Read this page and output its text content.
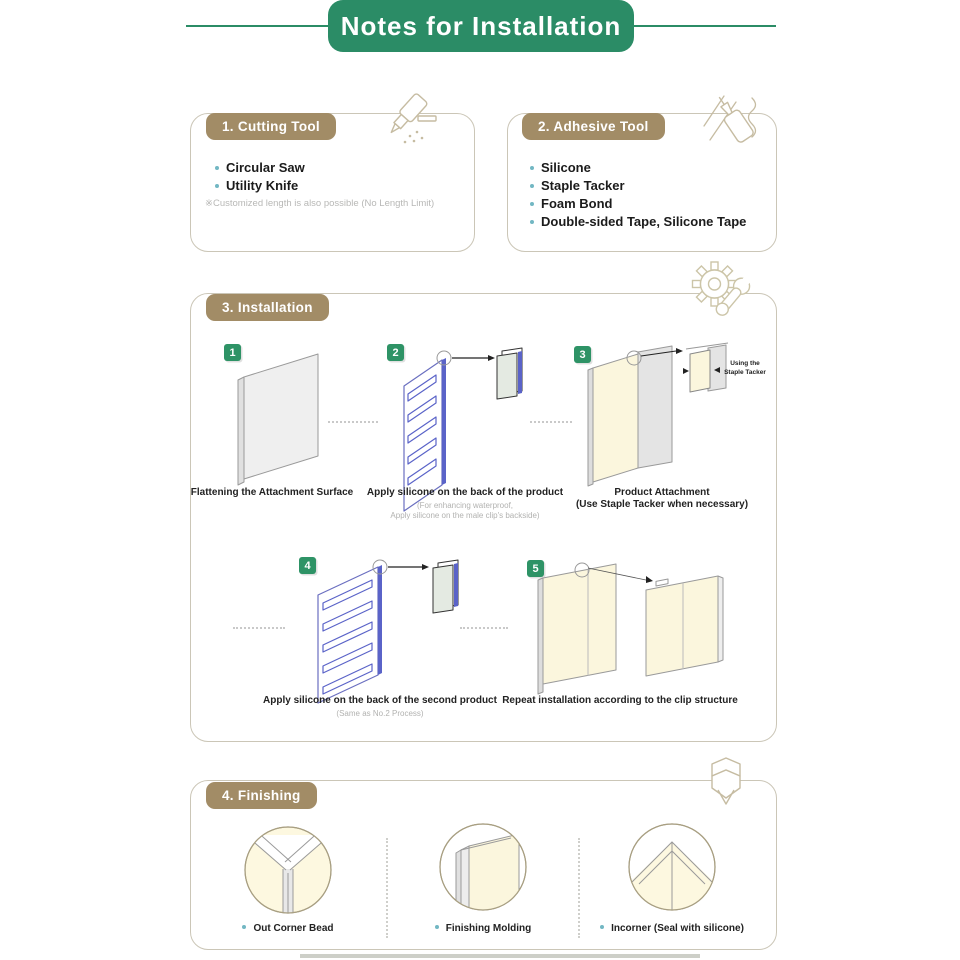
Notes for Installation
1. Cutting Tool
Circular Saw
Utility Knife
※Customized length is also possible (No Length Limit)
2. Adhesive Tool
Silicone
Staple Tacker
Foam Bond
Double-sided Tape, Silicone Tape
3. Installation
1	2	3
Using the
Staple Tacker
Flattening the Attachment Surface	Apply silicone on the back of the product
(For enhancing waterproof,
Apply silicone on the male clip's backside)
Product Attachment
(Use Staple Tacker when necessary)
4	5
Apply silicone on the back of the second product
(Same as No.2 Process)
Repeat installation according to the clip structure
4. Finishing
Out Corner Bead	Finishing Molding	Incorner (Seal with silicone)
